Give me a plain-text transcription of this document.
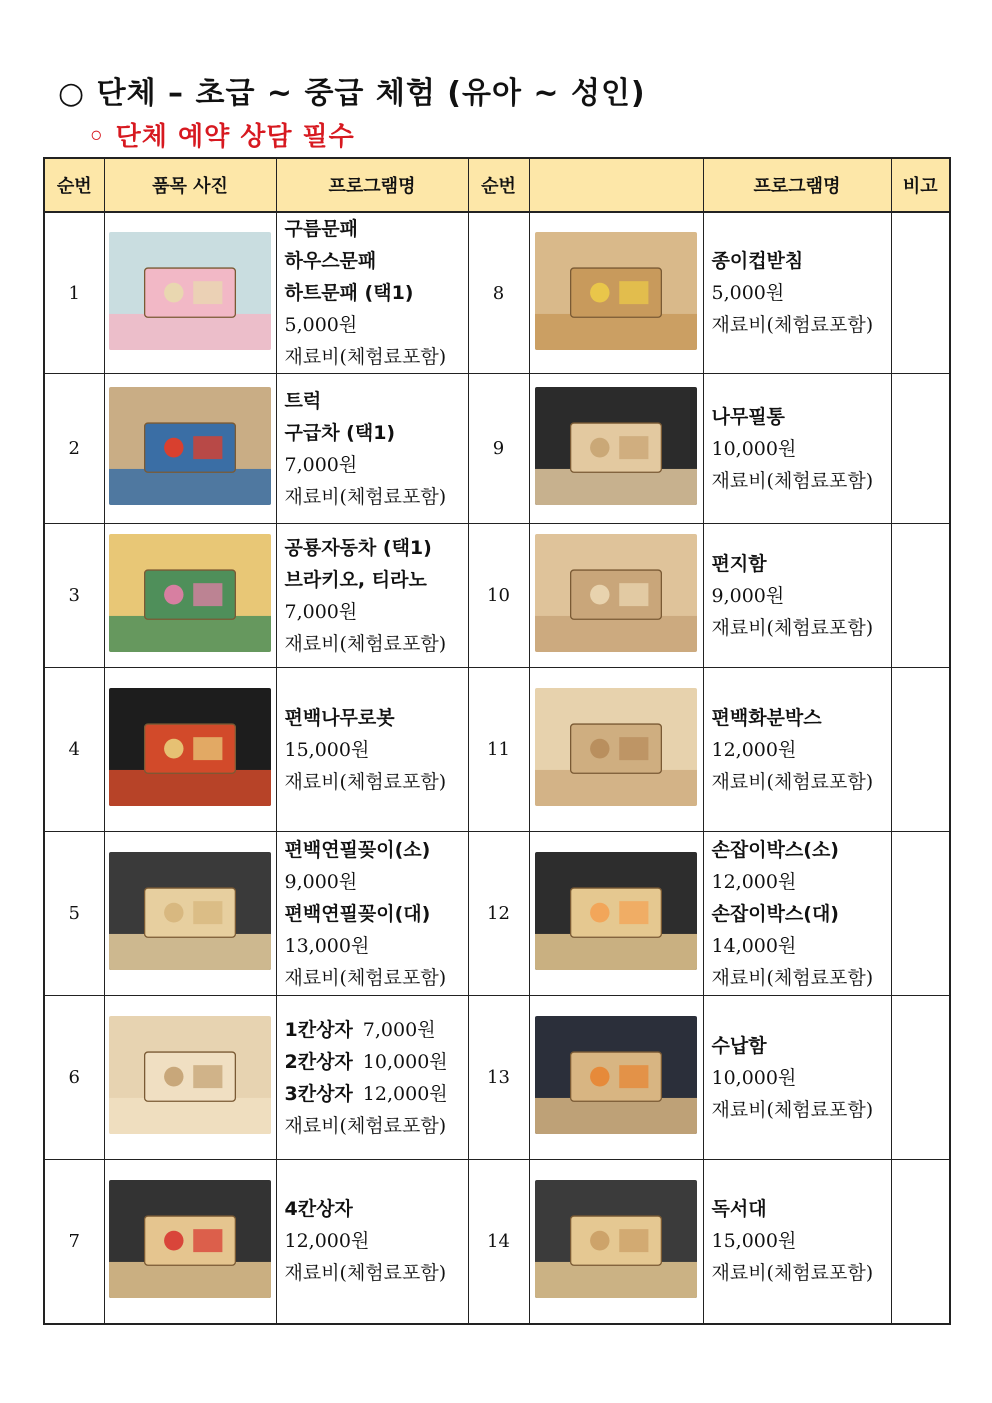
○ 단체 – 초급 ~ 중급 체험 (유아 ~ 성인)
◦ 단체 예약 상담 필수
순번	품목 사진	프로그램명	순번		프로그램명	비고
1		구름문패
하우스문패
하트문패 (택1)
5,000원
재료비(체험료포함)	8		종이컵받침
5,000원
재료비(체험료포함)	

2		트럭
구급차 (택1)
7,000원
재료비(체험료포함)	9		나무필통
10,000원
재료비(체험료포함)	

3		공룡자동차 (택1)
브라키오, 티라노
7,000원
재료비(체험료포함)	10		편지함
9,000원
재료비(체험료포함)	

4		편백나무로봇
15,000원
재료비(체험료포함)	11		편백화분박스
12,000원
재료비(체험료포함)	

5		편백연필꽂이(소)
9,000원
편백연필꽂이(대)
13,000원
재료비(체험료포함)	12		손잡이박스(소)
12,000원
손잡이박스(대)
14,000원
재료비(체험료포함)	

6		1칸상자 7,000원
2칸상자 10,000원
3칸상자 12,000원
재료비(체험료포함)	13		수납함
10,000원
재료비(체험료포함)	

7		4칸상자
12,000원
재료비(체험료포함)	14		독서대
15,000원
재료비(체험료포함)	
